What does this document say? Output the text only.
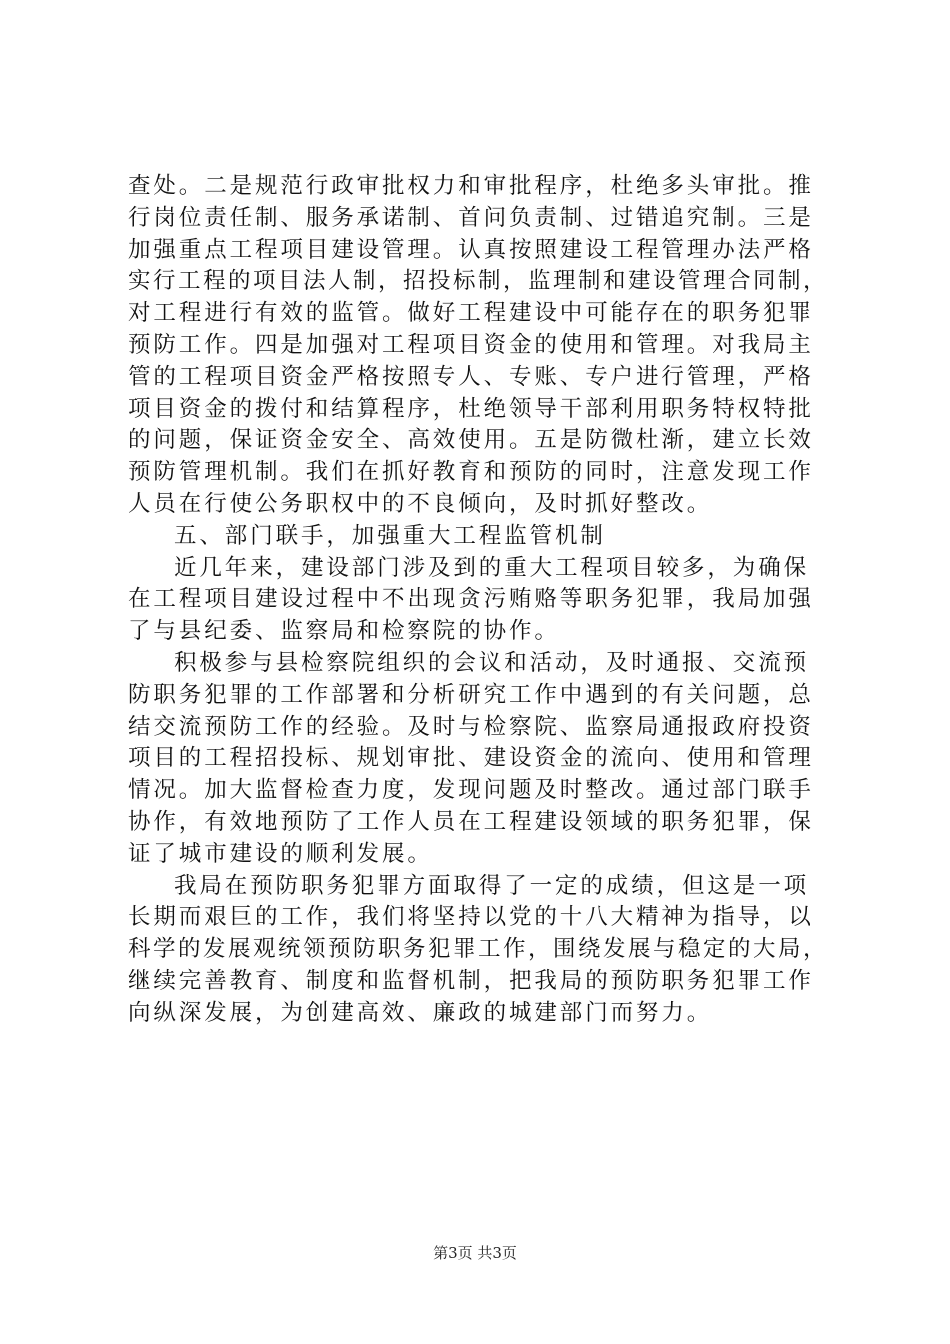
查处。二是规范行政审批权力和审批程序，杜绝多头审批。推
行岗位责任制、服务承诺制、首问负责制、过错追究制。三是
加强重点工程项目建设管理。认真按照建设工程管理办法严格
实行工程的项目法人制，招投标制，监理制和建设管理合同制，
对工程进行有效的监管。做好工程建设中可能存在的职务犯罪
预防工作。四是加强对工程项目资金的使用和管理。对我局主
管的工程项目资金严格按照专人、专账、专户进行管理，严格
项目资金的拨付和结算程序，杜绝领导干部利用职务特权特批
的问题，保证资金安全、高效使用。五是防微杜渐，建立长效
预防管理机制。我们在抓好教育和预防的同时，注意发现工作
人员在行使公务职权中的不良倾向，及时抓好整改。
五、部门联手，加强重大工程监管机制
近几年来，建设部门涉及到的重大工程项目较多，为确保
在工程项目建设过程中不出现贪污贿赂等职务犯罪，我局加强
了与县纪委、监察局和检察院的协作。
积极参与县检察院组织的会议和活动，及时通报、交流预
防职务犯罪的工作部署和分析研究工作中遇到的有关问题，总
结交流预防工作的经验。及时与检察院、监察局通报政府投资
项目的工程招投标、规划审批、建设资金的流向、使用和管理
情况。加大监督检查力度，发现问题及时整改。通过部门联手
协作，有效地预防了工作人员在工程建设领域的职务犯罪，保
证了城市建设的顺利发展。
我局在预防职务犯罪方面取得了一定的成绩，但这是一项
长期而艰巨的工作，我们将坚持以党的十八大精神为指导，以
科学的发展观统领预防职务犯罪工作，围绕发展与稳定的大局，
继续完善教育、制度和监督机制，把我局的预防职务犯罪工作
向纵深发展，为创建高效、廉政的城建部门而努力。
第3页 共3页
